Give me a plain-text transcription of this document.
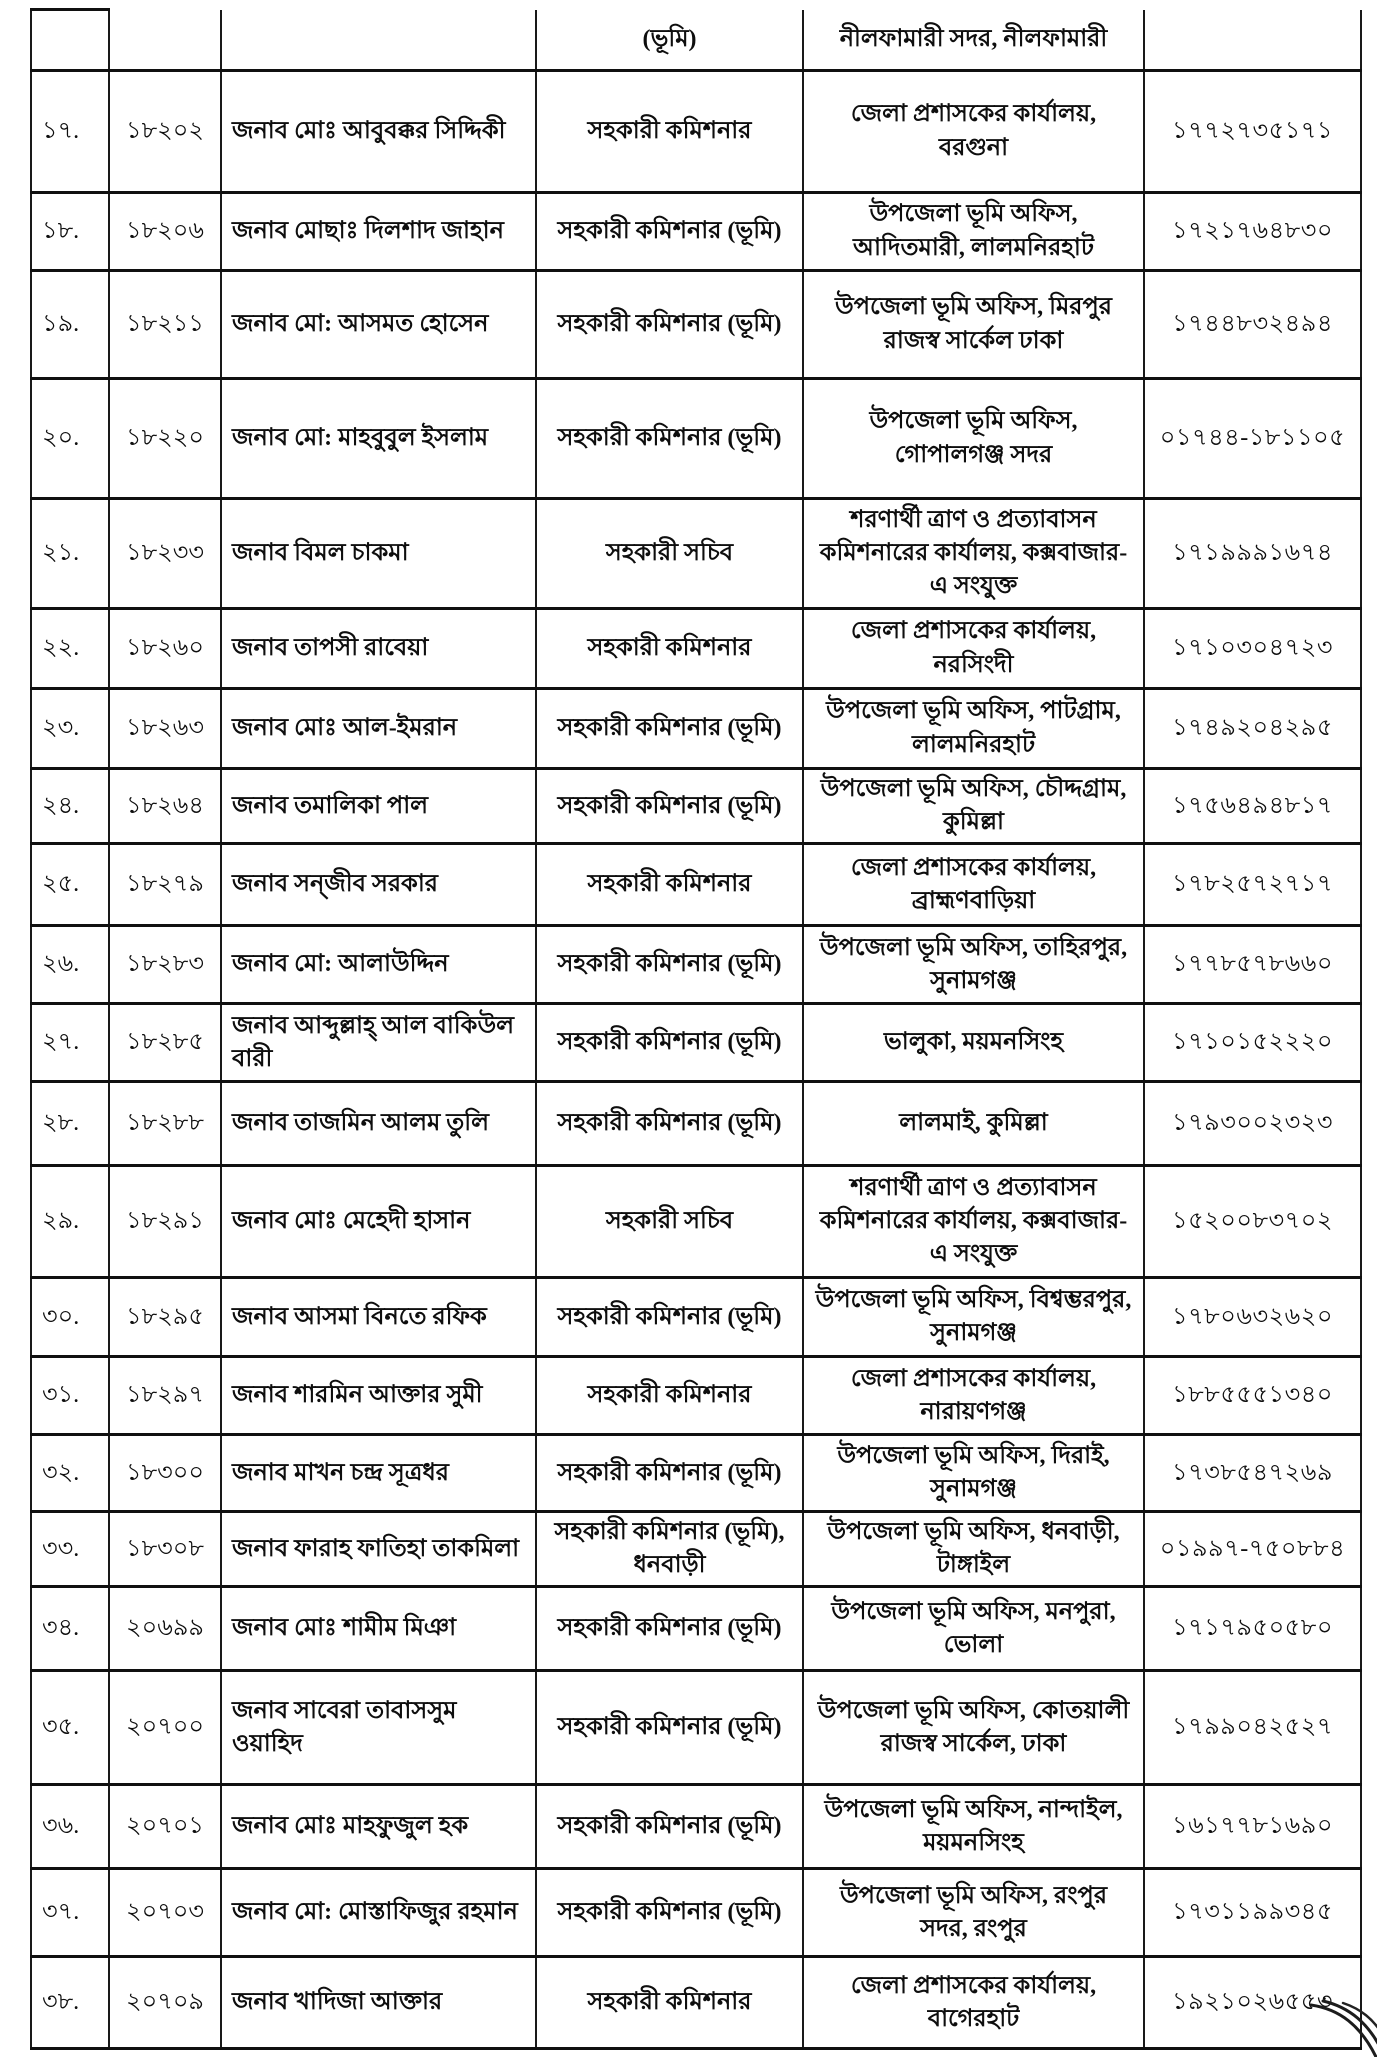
			(ভূমি)	নীলফামারী সদর, নীলফামারী	
১৭.	১৮২০২	জনাব মোঃ আবুবক্কর সিদ্দিকী	সহকারী কমিশনার	জেলা প্রশাসকের কার্যালয়, বরগুনা	১৭৭২৭৩৫১৭১
১৮.	১৮২০৬	জনাব মোছাঃ দিলশাদ জাহান	সহকারী কমিশনার (ভূমি)	উপজেলা ভূমি অফিস, আদিতমারী, লালমনিরহাট	১৭২১৭৬৪৮৩০
১৯.	১৮২১১	জনাব মো: আসমত হোসেন	সহকারী কমিশনার (ভূমি)	উপজেলা ভূমি অফিস, মিরপুর রাজস্ব সার্কেল ঢাকা	১৭৪৪৮৩২৪৯৪
২০.	১৮২২০	জনাব মো: মাহবুবুল ইসলাম	সহকারী কমিশনার (ভূমি)	উপজেলা ভূমি অফিস, গোপালগঞ্জ সদর	০১৭৪৪-১৮১১০৫
২১.	১৮২৩৩	জনাব বিমল চাকমা	সহকারী সচিব	শরণার্থী ত্রাণ ও প্রত্যাবাসন কমিশনারের কার্যালয়, কক্সবাজার-এ সংযুক্ত	১৭১৯৯৯১৬৭৪
২২.	১৮২৬০	জনাব তাপসী রাবেয়া	সহকারী কমিশনার	জেলা প্রশাসকের কার্যালয়, নরসিংদী	১৭১০৩০৪৭২৩
২৩.	১৮২৬৩	জনাব মোঃ আল-ইমরান	সহকারী কমিশনার (ভূমি)	উপজেলা ভূমি অফিস, পাটগ্রাম, লালমনিরহাট	১৭৪৯২০৪২৯৫
২৪.	১৮২৬৪	জনাব তমালিকা পাল	সহকারী কমিশনার (ভূমি)	উপজেলা ভূমি অফিস, চৌদ্দগ্রাম, কুমিল্লা	১৭৫৬৪৯৪৮১৭
২৫.	১৮২৭৯	জনাব সন্‌জীব সরকার	সহকারী কমিশনার	জেলা প্রশাসকের কার্যালয়, ব্রাহ্মণবাড়িয়া	১৭৮২৫৭২৭১৭
২৬.	১৮২৮৩	জনাব মো: আলাউদ্দিন	সহকারী কমিশনার (ভূমি)	উপজেলা ভূমি অফিস, তাহিরপুর, সুনামগঞ্জ	১৭৭৮৫৭৮৬৬০
২৭.	১৮২৮৫	জনাব আব্দুল্লাহ্ আল বাকিউল বারী	সহকারী কমিশনার (ভূমি)	ভালুকা, ময়মনসিংহ	১৭১০১৫২২২০
২৮.	১৮২৮৮	জনাব তাজমিন আলম তুলি	সহকারী কমিশনার (ভূমি)	লালমাই, কুমিল্লা	১৭৯৩০০২৩২৩
২৯.	১৮২৯১	জনাব মোঃ মেহেদী হাসান	সহকারী সচিব	শরণার্থী ত্রাণ ও প্রত্যাবাসন কমিশনারের কার্যালয়, কক্সবাজার-এ সংযুক্ত	১৫২০০৮৩৭০২
৩০.	১৮২৯৫	জনাব আসমা বিনতে রফিক	সহকারী কমিশনার (ভূমি)	উপজেলা ভূমি অফিস, বিশ্বম্ভরপুর, সুনামগঞ্জ	১৭৮০৬৩২৬২০
৩১.	১৮২৯৭	জনাব শারমিন আক্তার সুমী	সহকারী কমিশনার	জেলা প্রশাসকের কার্যালয়, নারায়ণগঞ্জ	১৮৮৫৫৫১৩৪০
৩২.	১৮৩০০	জনাব মাখন চন্দ্র সূত্রধর	সহকারী কমিশনার (ভূমি)	উপজেলা ভূমি অফিস, দিরাই, সুনামগঞ্জ	১৭৩৮৫৪৭২৬৯
৩৩.	১৮৩০৮	জনাব ফারাহ ফাতিহা তাকমিলা	সহকারী কমিশনার (ভূমি), ধনবাড়ী	উপজেলা ভূমি অফিস, ধনবাড়ী, টাঙ্গাইল	০১৯৯৭-৭৫০৮৮৪
৩৪.	২০৬৯৯	জনাব মোঃ শামীম মিঞা	সহকারী কমিশনার (ভূমি)	উপজেলা ভূমি অফিস, মনপুরা, ভোলা	১৭১৭৯৫০৫৮০
৩৫.	২০৭০০	জনাব সাবেরা তাবাসসুম ওয়াহিদ	সহকারী কমিশনার (ভূমি)	উপজেলা ভূমি অফিস, কোতয়ালী রাজস্ব সার্কেল, ঢাকা	১৭৯৯০৪২৫২৭
৩৬.	২০৭০১	জনাব মোঃ মাহফুজুল হক	সহকারী কমিশনার (ভূমি)	উপজেলা ভূমি অফিস, নান্দাইল, ময়মনসিংহ	১৬১৭৭৮১৬৯০
৩৭.	২০৭০৩	জনাব মো: মোস্তাফিজুর রহমান	সহকারী কমিশনার (ভূমি)	উপজেলা ভূমি অফিস, রংপুর সদর, রংপুর	১৭৩১১৯৯৩৪৫
৩৮.	২০৭০৯	জনাব খাদিজা আক্তার	সহকারী কমিশনার	জেলা প্রশাসকের কার্যালয়, বাগেরহাট	১৯২১০২৬৫৫৩
